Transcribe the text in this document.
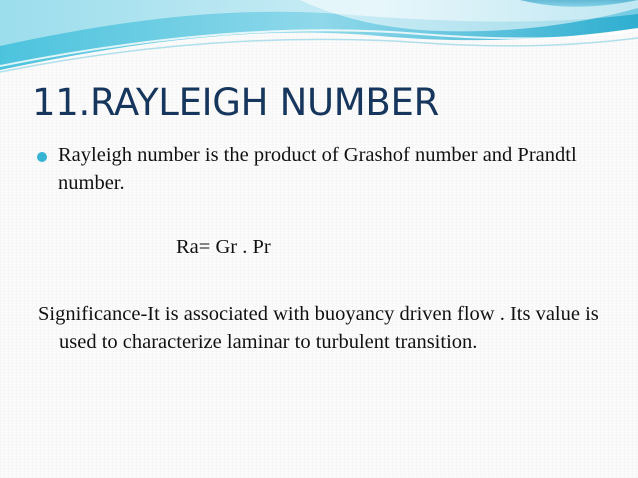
11.RAYLEIGH NUMBER
Rayleigh number is the product of Grashof number and Prandtl number.
Ra= Gr . Pr
Significance-It is associated with buoyancy driven flow . Its value is used to characterize laminar to turbulent transition.
